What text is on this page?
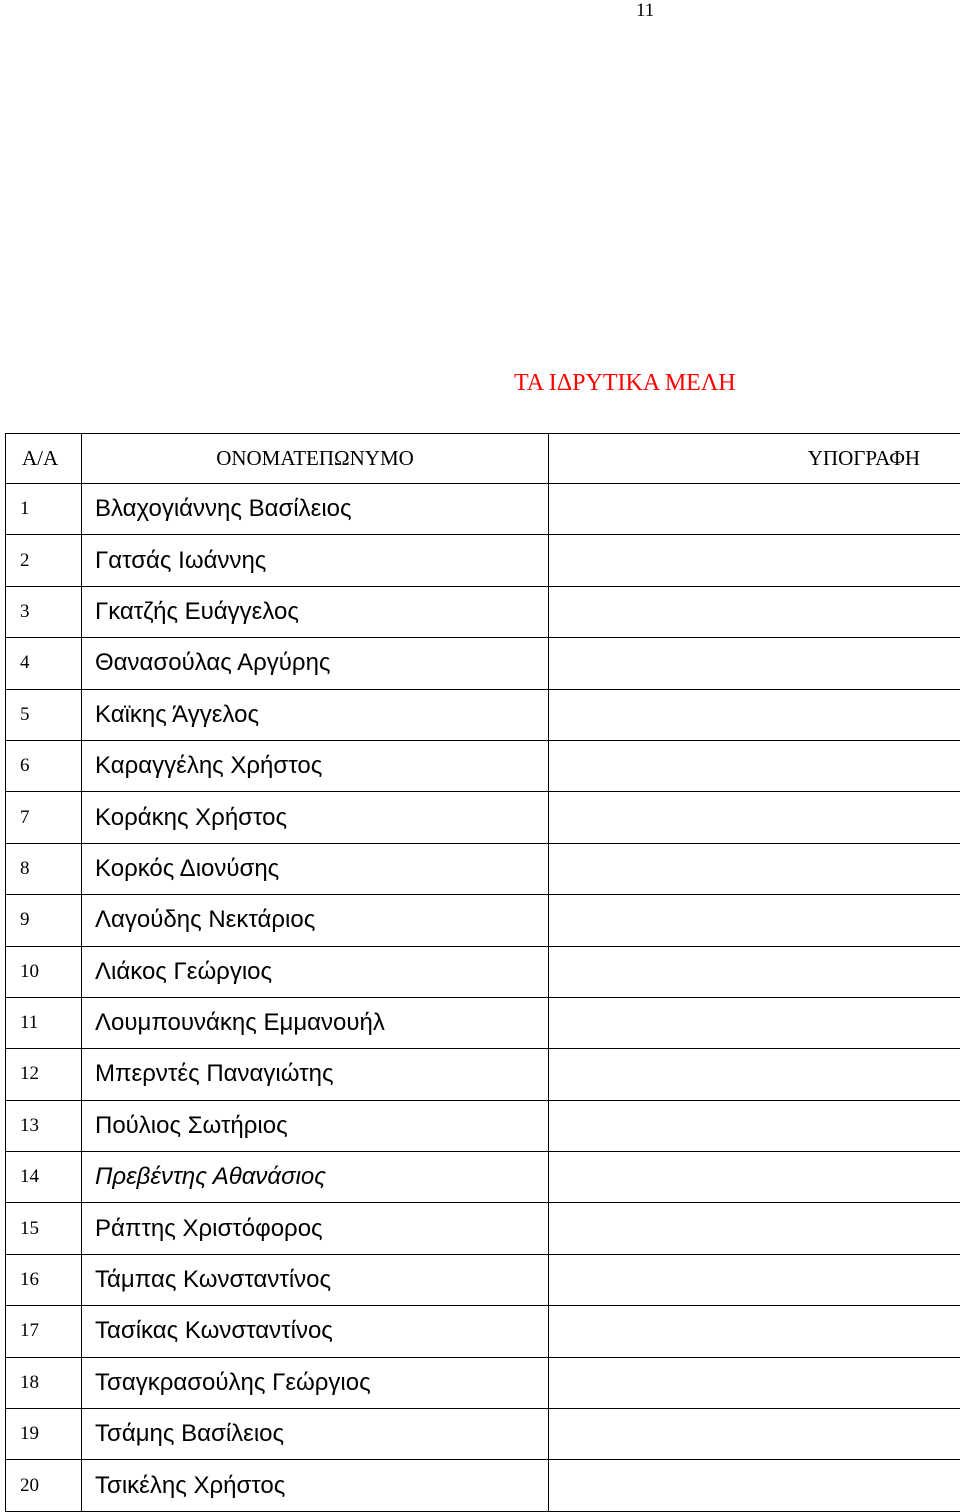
11
ΤΑ ΙΔΡΥΤΙΚΑ ΜΕΛΗ
Α/Α	ΟΝΟΜΑΤΕΠΩΝΥΜΟ	ΥΠΟΓΡΑΦΗ
1	Βλαχογιάννης Βασίλειος	
2	Γατσάς Ιωάννης	
3	Γκατζής Ευάγγελος	
4	Θανασούλας Αργύρης	
5	Καϊκης Άγγελος	
6	Καραγγέλης Χρήστος	
7	Κοράκης Χρήστος	
8	Κορκός Διονύσης	
9	Λαγούδης Νεκτάριος	
10	Λιάκος Γεώργιος	
11	Λουμπουνάκης Εμμανουήλ	
12	Μπερντές Παναγιώτης	
13	Πούλιος Σωτήριος	
14	Πρεβέντης Αθανάσιος	
15	Ράπτης Χριστόφορος	
16	Τάμπας Κωνσταντίνος	
17	Τασίκας Κωνσταντίνος	
18	Τσαγκρασούλης Γεώργιος	
19	Τσάμης Βασίλειος	
20	Τσικέλης Χρήστος	
